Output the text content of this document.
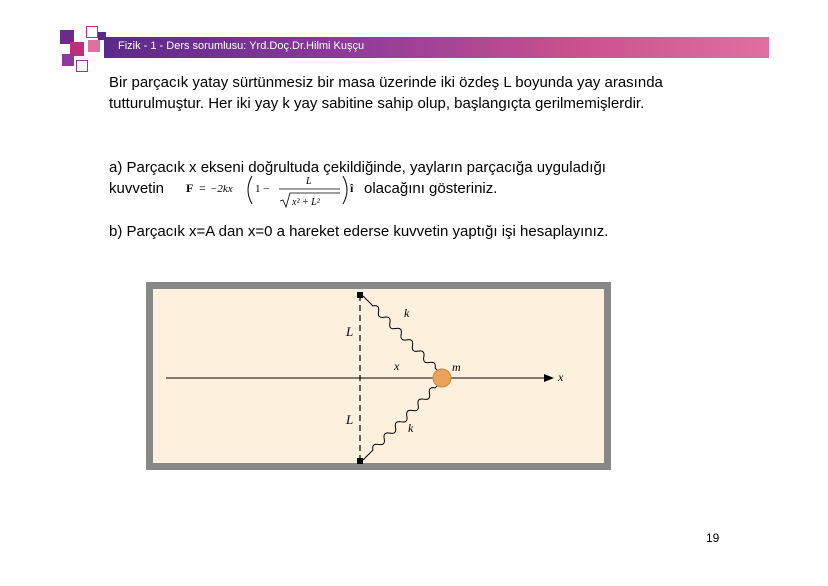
Fizik - 1 - Ders sorumlusu: Yrd.Doç.Dr.Hilmi Kuşçu
Bir parçacık yatay sürtünmesiz bir masa üzerinde iki özdeş L boyunda yay arasında
tutturulmuştur. Her iki yay k yay sabitine sahip olup, başlangıçta gerilmemişlerdir.
a) Parçacık x ekseni doğrultuda çekildiğinde, yayların parçacığa uyguladığı
kuvvetin	olacağını gösteriniz.
F = −2kx 1 −
L
x² + L²
î
b) Parçacık x=A dan x=0 a hareket ederse kuvvetin yaptığı işi hesaplayınız.
L
L
k
k
x	m
x
19
